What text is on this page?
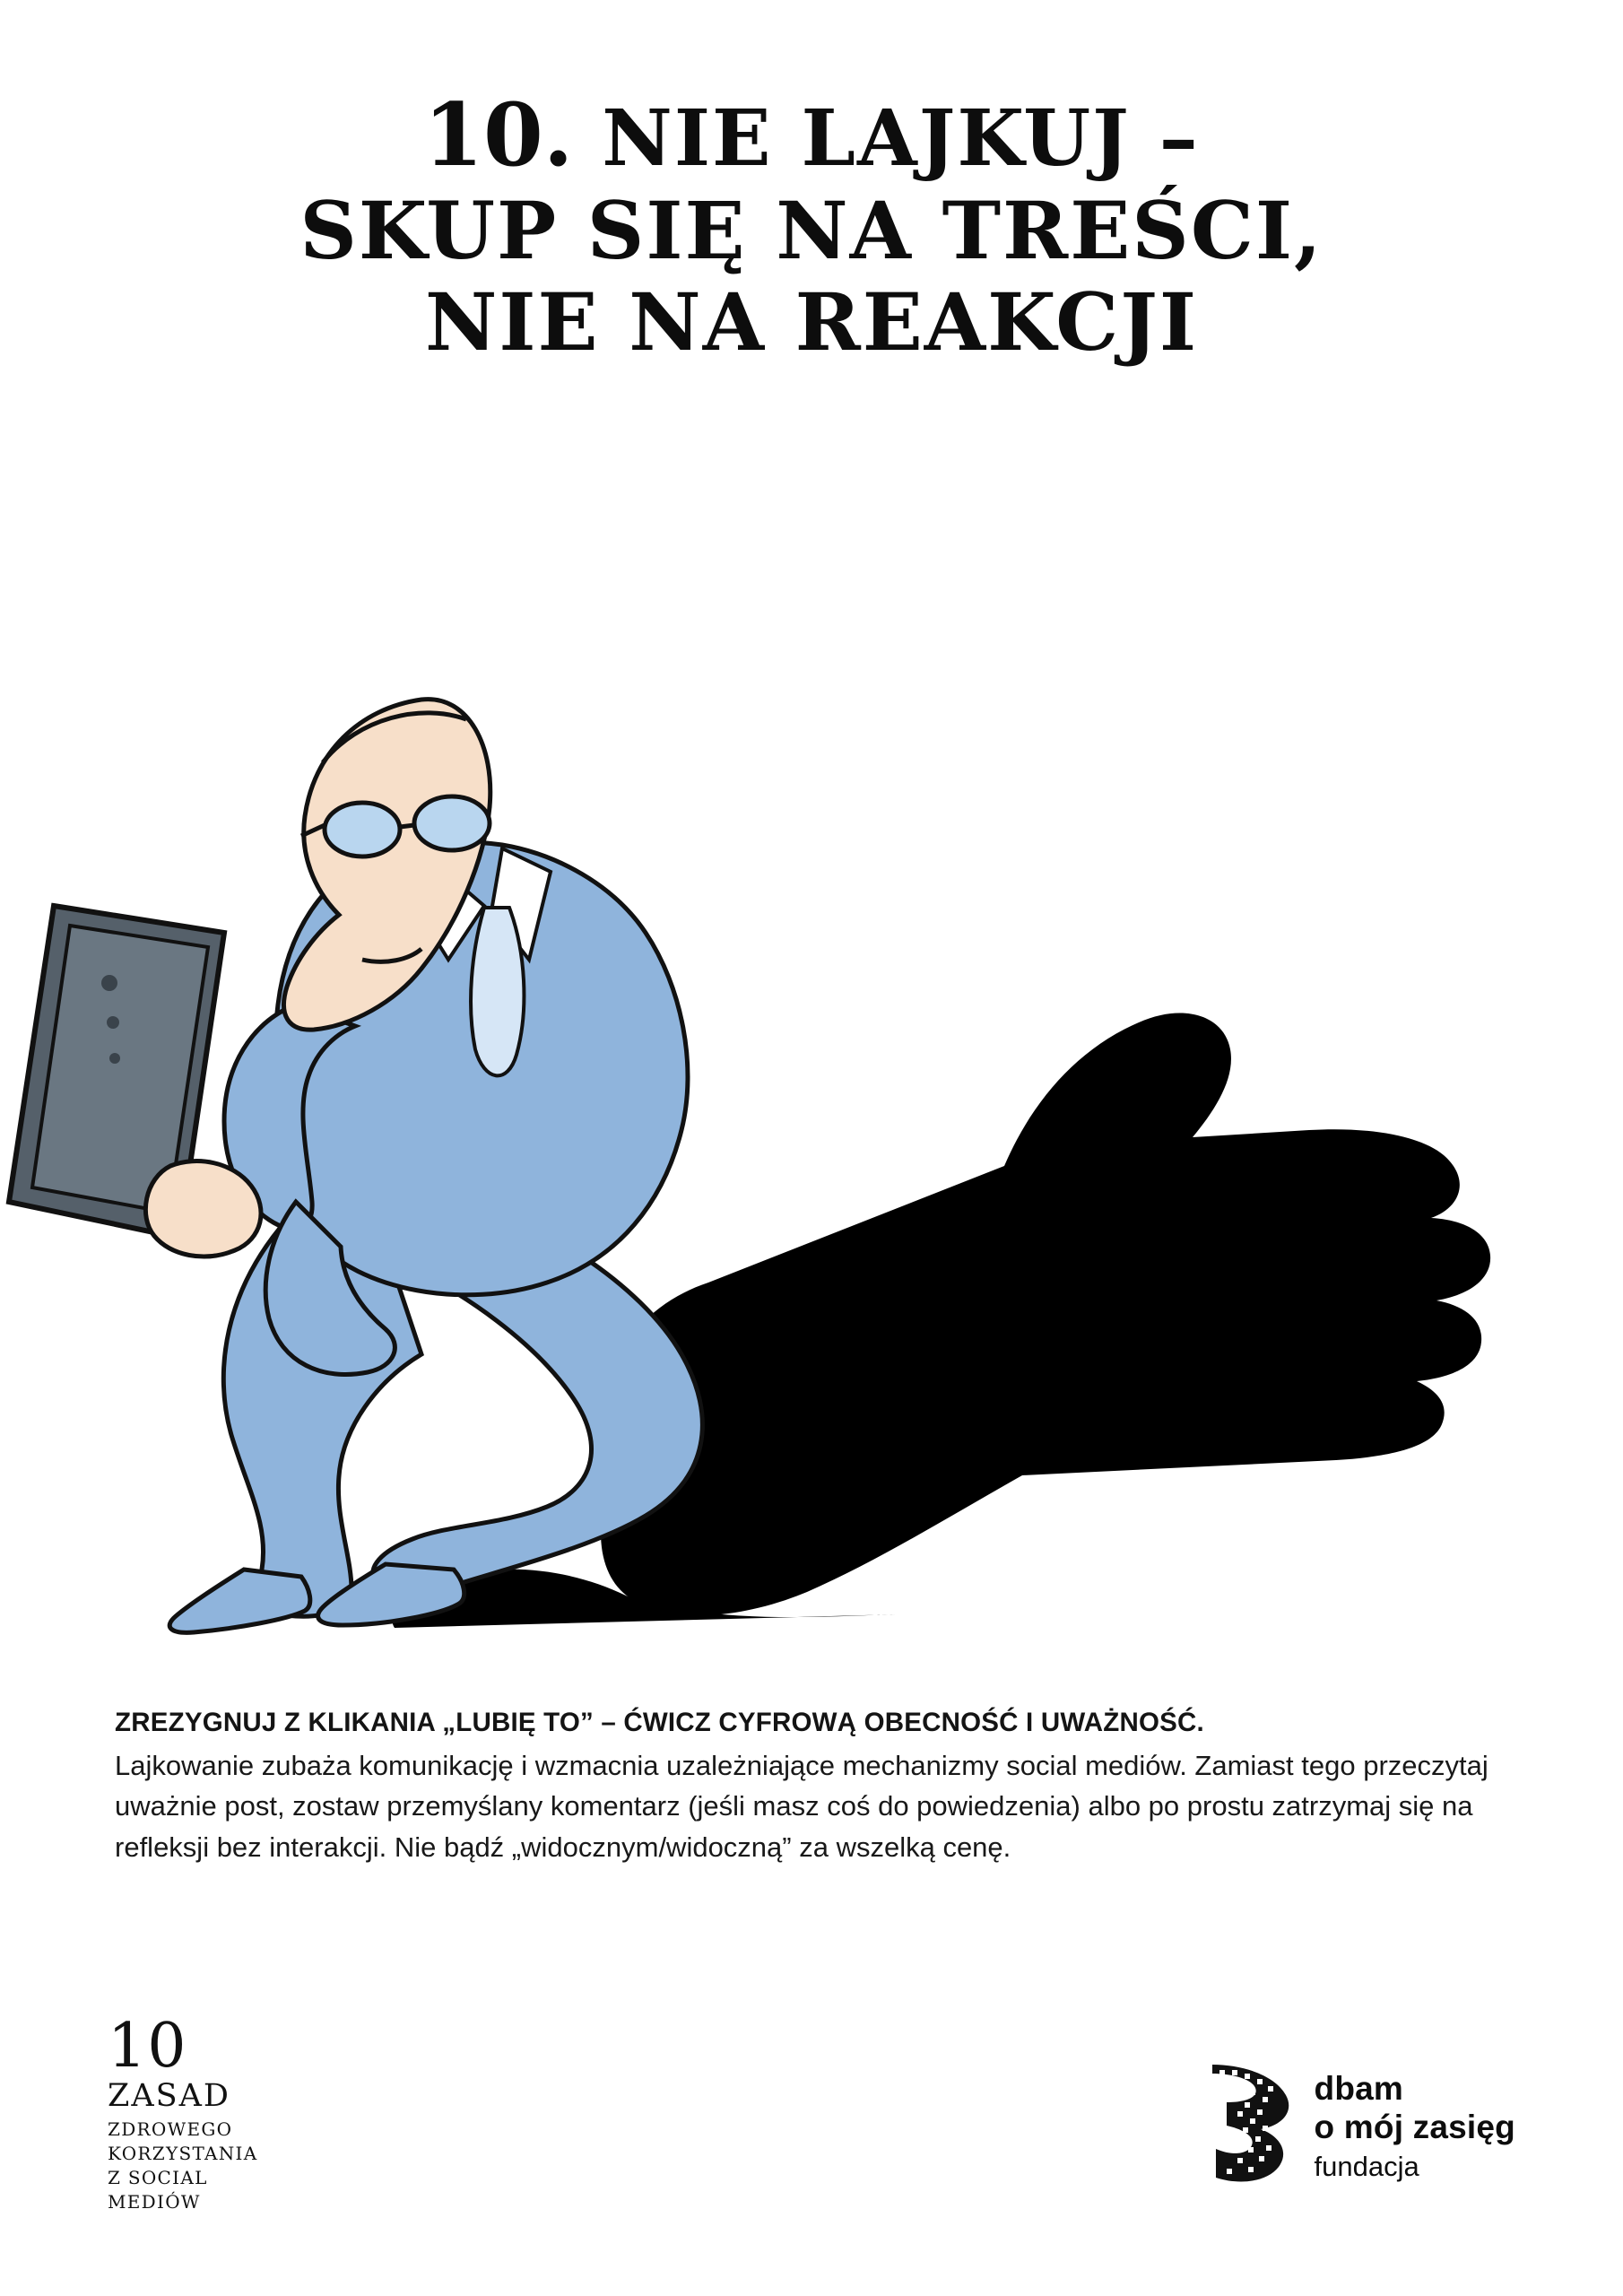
10. NIE LAJKUJ –
SKUP SIĘ NA TREŚCI,
NIE NA REAKCJI

ZREZYGNUJ Z KLIKANIA „LUBIĘ TO” – ĆWICZ CYFROWĄ OBECNOŚĆ I UWAŻNOŚĆ.

Lajkowanie zubaża komunikację i wzmacnia uzależniające mechanizmy social mediów. Zamiast tego przeczytaj uważnie post, zostaw przemyślany komentarz (jeśli masz coś do powiedzenia) albo po prostu zatrzymaj się na refleksji bez interakcji. Nie bądź „widocznym/widoczną” za wszelką cenę.

10
ZASAD
ZDROWEGO
KORZYSTANIA
Z SOCIAL
MEDIÓW
dbam
o mój zasięg
fundacja
